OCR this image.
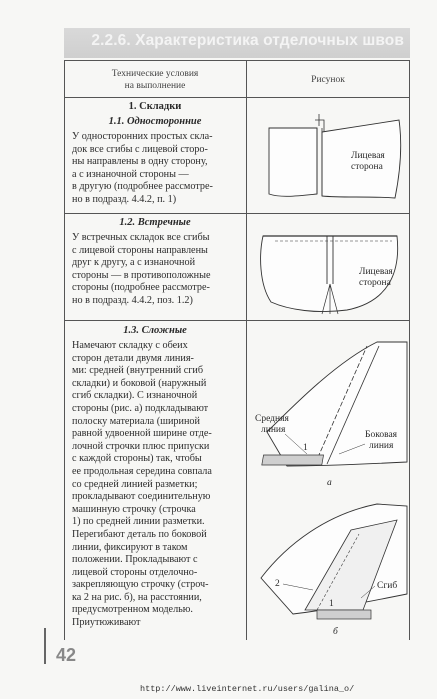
2.2.6. Характеристика отделочных швов
Технические условия
на выполнение
Рисунок
1. Складки
1.1. Односторонние
У односторонних простых скла-
док все сгибы с лицевой сторо-
ны направлены в одну сторону,
а с изнаночной стороны —
в другую (подробнее рассмотре-
но в подразд. 4.4.2, п. 1)
Лицевая
сторона
1.2. Встречные
У встречных складок все сгибы
с лицевой стороны направлены
друг к другу, а с изнаночной
стороны — в противоположные
стороны (подробнее рассмотре-
но в подразд. 4.4.2, поз. 1.2)
Лицевая
сторона
1.3. Сложные
Намечают складку с обеих
сторон детали двумя линия-
ми: средней (внутренний сгиб
складки) и боковой (наружный
сгиб складки). С изнаночной
стороны (рис. а) подкладывают
полоску материала (шириной
равной удвоенной ширине отде-
лочной строчки плюс припуски
с каждой стороны) так, чтобы
ее продольная середина совпала
со средней линией разметки;
прокладывают соединительную
машинную строчку (строчка
1) по средней линии разметки.
Перегибают деталь по боковой
линии, фиксируют в таком
положении. Прокладывают с
лицевой стороны отделочно-
закрепляющую строчку (строч-
ка 2 на рис. б), на расстоянии,
предусмотренном моделью.
Приутюживают
Средняя
линия	Боковая
линия
1
а
2	Сгиб
1
б
42
http://www.liveinternet.ru/users/galina_o/
